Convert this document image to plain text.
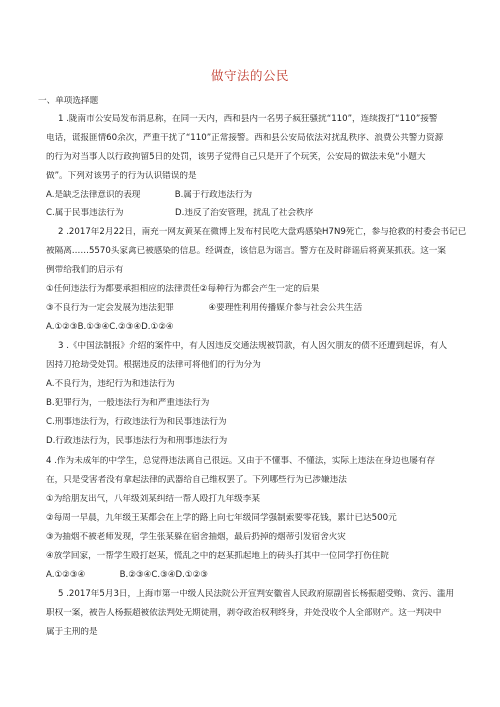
做守法的公民
一、单项选择题
1 .陇南市公安局发布消息称，在同一天内，西和县内一名男子疯狂骚扰“110”，连续拨打“110”接警
电话，谎报匪情60余次，严重干扰了“110”正常接警。西和县公安局依法对扰乱秩序、浪费公共警力资源
的行为对当事人以行政拘留5日的处罚，该男子觉得自己只是开了个玩笑，公安局的做法未免“小题大
做”。下列对该男子的行为认识错误的是
A.是缺乏法律意识的表现　　　　B.属于行政违法行为
C.属于民事违法行为　　　　　　D.违反了治安管理，扰乱了社会秩序
2 .2017年2月22日，南充一网友黄某在微博上发布村民吃大盘鸡感染H7N9死亡，参与抢救的村委会书记已
被隔离……5570头家禽已被感染的信息。经调查，该信息为谣言。警方在及时辟谣后将黄某抓获。这一案
例带给我们的启示有
①任何违法行为都要承担相应的法律责任②每种行为都会产生一定的后果
③不良行为一定会发展为违法犯罪　　　　④要理性利用传播媒介参与社会公共生活
A.①②③B.①③④C.②③④D.①②④
3 .《中国法制报》介绍的案件中，有人因违反交通法规被罚款，有人因欠朋友的债不还遭到起诉，有人
因持刀抢劫受处罚。根据违反的法律可将他们的行为分为
A.不良行为，违纪行为和违法行为
B.犯罪行为，一般违法行为和严重违法行为
C.刑事违法行为，行政违法行为和民事违法行为
D.行政违法行为，民事违法行为和刑事违法行为
4 .作为未成年的中学生，总觉得违法离自己很远。又由于不懂事、不懂法，实际上违法在身边也屡有存
在，只是受害者没有拿起法律的武器给自己维权罢了。下列哪些行为已涉嫌违法
①为给朋友出气，八年级刘某纠结一帮人殴打九年级李某
②每周一早晨，九年级王某都会在上学的路上向七年级同学强制索要零花钱，累计已达500元
③为抽烟不被老师发现，学生张某躲在宿舍抽烟，最后扔掉的烟蒂引发宿舍火灾
④放学回家，一帮学生殴打赵某，慌乱之中的赵某抓起地上的砖头打其中一位同学打伤住院
A.①②③④　　　　B.②③④C.③④D.①②③
5 .2017年5月3日，上海市第一中级人民法院公开宣判安徽省人民政府原副省长杨振超受贿、贪污、滥用
职权一案，被告人杨振超被依法判处无期徒刑，剥夺政治权利终身，并处没收个人全部财产。这一判决中
属于主刑的是
